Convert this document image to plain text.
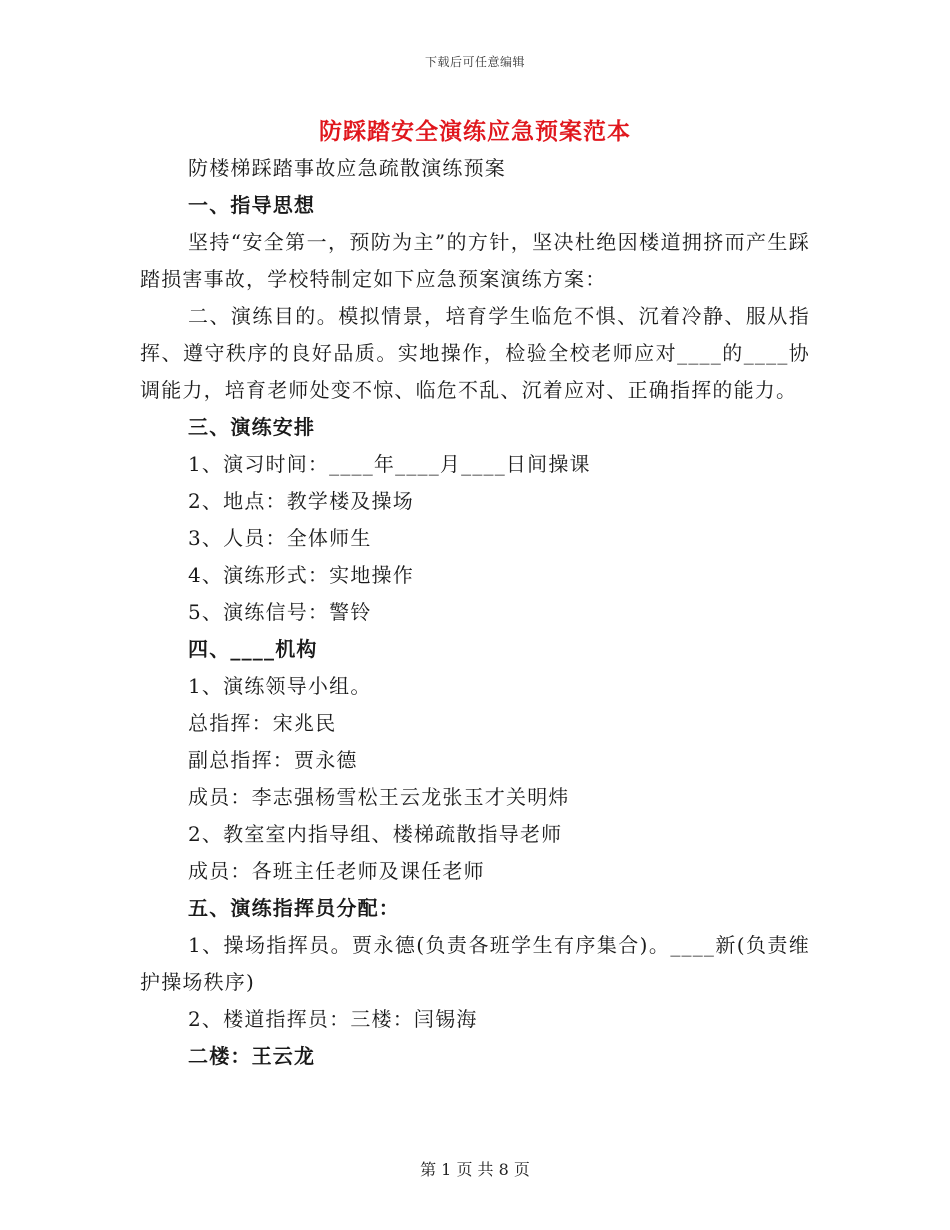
下载后可任意编辑
防踩踏安全演练应急预案范本

防楼梯踩踏事故应急疏散演练预案

一、指导思想

坚持“安全第一，预防为主”的方针，坚决杜绝因楼道拥挤而产生踩踏损害事故，学校特制定如下应急预案演练方案：

二、演练目的。模拟情景，培育学生临危不惧、沉着冷静、服从指挥、遵守秩序的良好品质。实地操作，检验全校老师应对____的____协调能力，培育老师处变不惊、临危不乱、沉着应对、正确指挥的能力。

三、演练安排

1、演习时间：____年____月____日间操课

2、地点：教学楼及操场

3、人员：全体师生

4、演练形式：实地操作

5、演练信号：警铃

四、____机构

1、演练领导小组。

总指挥：宋兆民

副总指挥：贾永德

成员：李志强杨雪松王云龙张玉才关明炜

2、教室室内指导组、楼梯疏散指导老师

成员：各班主任老师及课任老师

五、演练指挥员分配：

1、操场指挥员。贾永德(负责各班学生有序集合)。____新(负责维护操场秩序)

2、楼道指挥员：三楼：闫锡海

二楼：王云龙

第 1 页 共 8 页
